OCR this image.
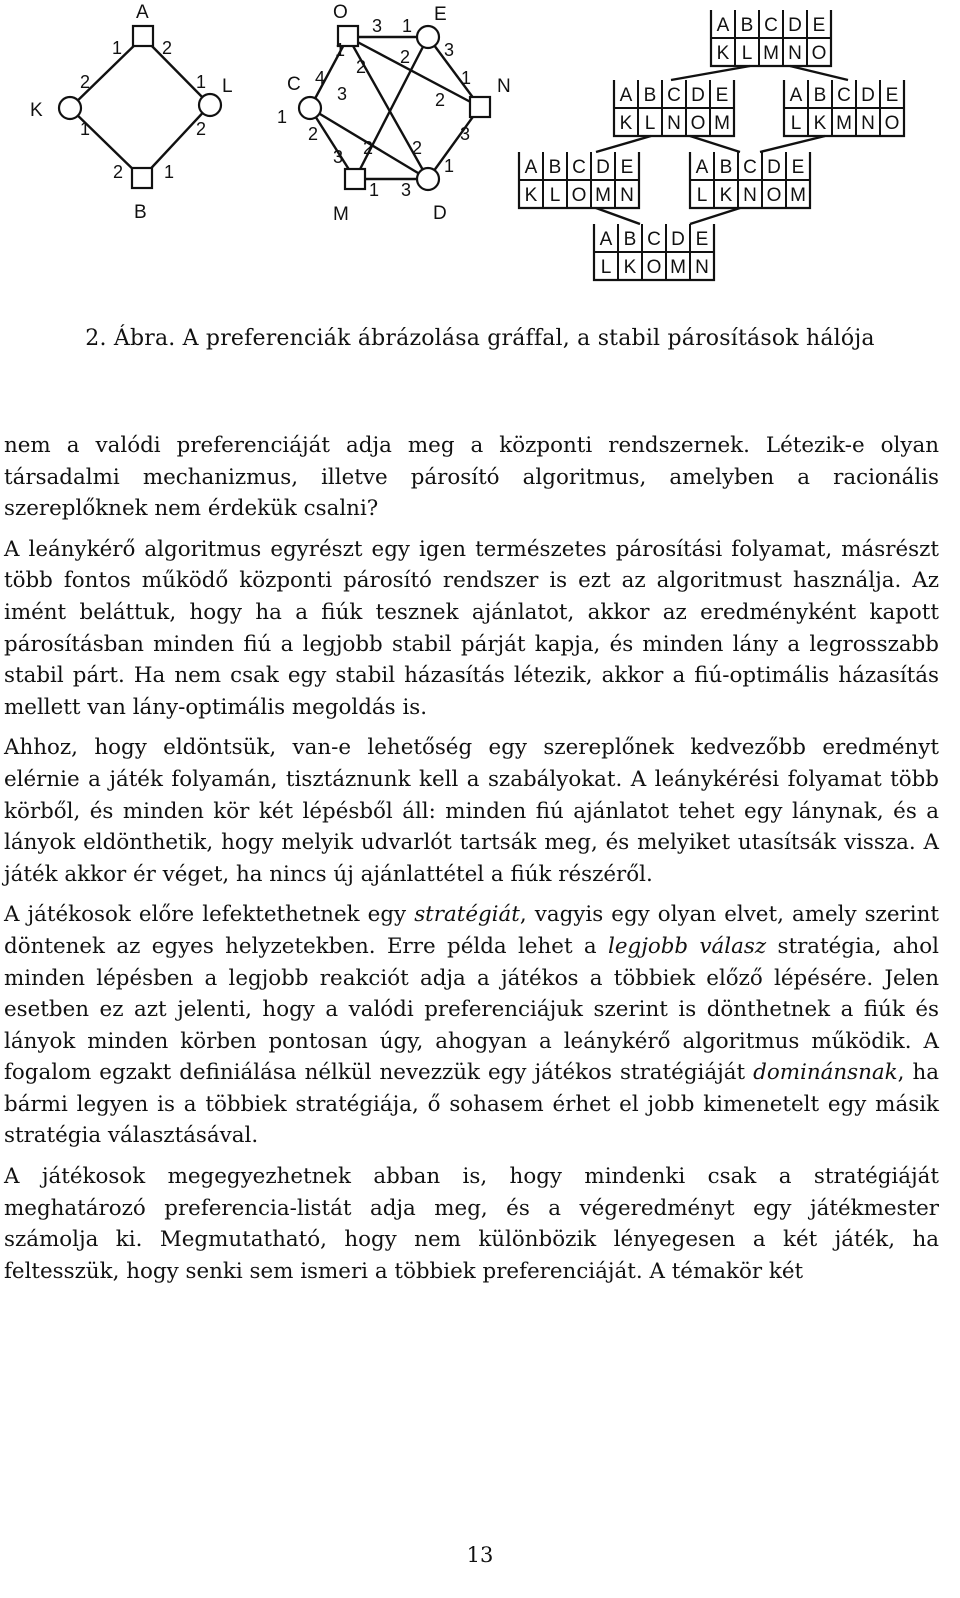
A
B
K
L
O	E
C	N
M	D
1 2
2
1
1
2
2 1
4
3
1
2
3
1
2
1
2 3
1
2
3
3 2
1 3
2
1
A B C D E
K L M N O
A B C D E
K L N O M
A B C D E
L K M N O
A B C D E
K L O M N
A B C D E
L K N O M
A B C D E
L K O M N
2. Ábra. A preferenciák ábrázolása gráffal, a stabil párosítások hálója

nem a valódi preferenciáját adja meg a központi rendszernek. Létezik-e olyan társadalmi mechanizmus, illetve párosító algoritmus, amelyben a racionális szereplőknek nem érdekük csalni?

A leánykérő algoritmus egyrészt egy igen természetes párosítási folyamat, másrészt több fontos működő központi párosító rendszer is ezt az algoritmust használja. Az imént beláttuk, hogy ha a fiúk tesznek ajánlatot, akkor az eredményként kapott párosításban minden fiú a legjobb stabil párját kapja, és minden lány a legrosszabb stabil párt. Ha nem csak egy stabil házasítás létezik, akkor a fiú-optimális házasítás mellett van lány-optimális megoldás is.

Ahhoz, hogy eldöntsük, van-e lehetőség egy szereplőnek kedvezőbb eredményt elérnie a játék folyamán, tisztáznunk kell a szabályokat. A leánykérési folyamat több körből, és minden kör két lépésből áll: minden fiú ajánlatot tehet egy lánynak, és a lányok eldönthetik, hogy melyik udvarlót tartsák meg, és melyiket utasítsák vissza. A játék akkor ér véget, ha nincs új ajánlattétel a fiúk részéről.

A játékosok előre lefektethetnek egy stratégiát, vagyis egy olyan elvet, amely szerint döntenek az egyes helyzetekben. Erre példa lehet a legjobb válasz stratégia, ahol minden lépésben a legjobb reakciót adja a játékos a többiek előző lépésére. Jelen esetben ez azt jelenti, hogy a valódi preferenciájuk szerint is dönthetnek a fiúk és lányok minden körben pontosan úgy, ahogyan a leánykérő algoritmus működik. A fogalom egzakt definiálása nélkül nevezzük egy játékos stratégiáját dominánsnak, ha bármi legyen is a többiek stratégiája, ő sohasem érhet el jobb kimenetelt egy másik stratégia választásával.

A játékosok megegyezhetnek abban is, hogy mindenki csak a stratégiáját meghatározó preferencia-listát adja meg, és a végeredményt egy játékmester számolja ki. Megmutatható, hogy nem különbözik lényegesen a két játék, ha feltesszük, hogy senki sem ismeri a többiek preferenciáját. A témakör két

13
